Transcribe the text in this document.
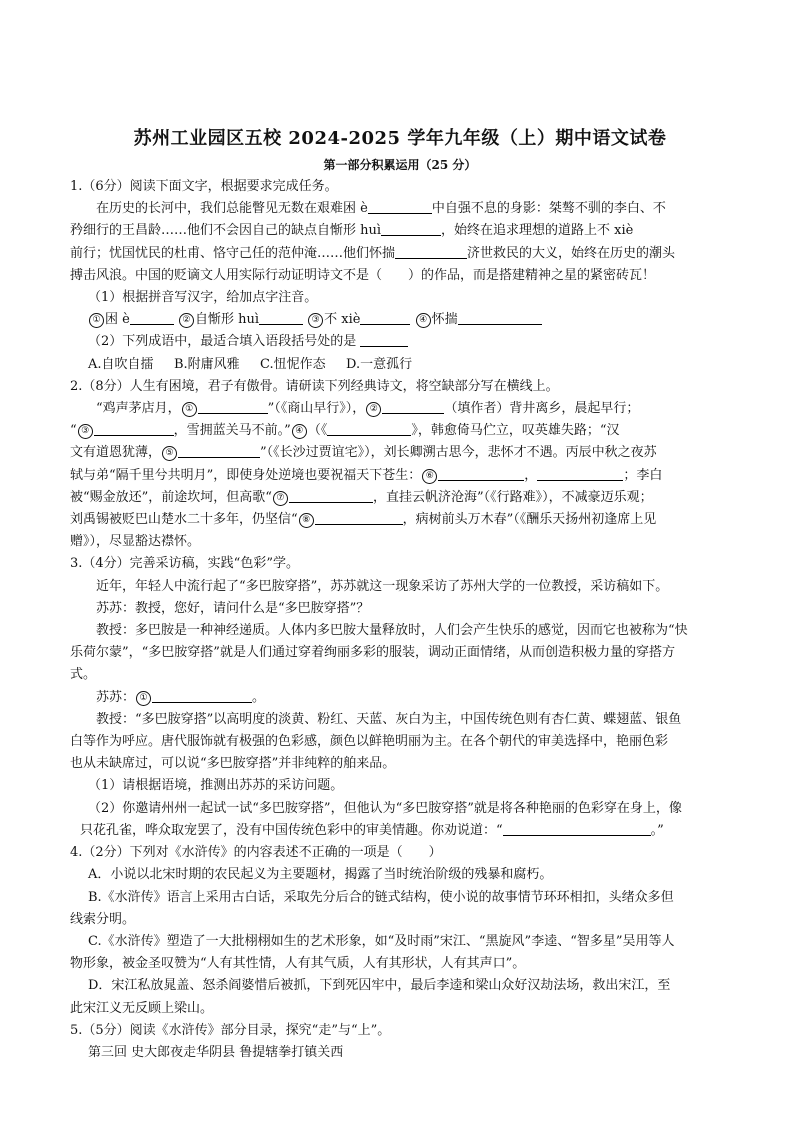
苏州工业园区五校 2024-2025 学年九年级（上）期中语文试卷
第一部分积累运用（25 分）
1.（6分）阅读下面文字，根据要求完成任务。
在历史的长河中，我们总能瞥见无数在艰难困 è	中自强不息的身影：桀骜不驯的李白、不
矜细行的王昌龄……他们不会因自己的缺点自惭形 huì	，始终在追求理想的道路上不 xiè
前行；忧国忧民的杜甫、恪守己任的范仲淹……他们怀揣	济世救民的大义，始终在历史的潮头
搏击风浪。中国的贬谪文人用实际行动证明诗文不是（ ）的作品，而是搭建精神之星的紧密砖瓦！
（1）根据拼音写汉字，给加点字注音。
① 困 è	② 自惭形 huì	③ 不 xiè	④ 怀揣
（2）下列成语中，最适合填入语段括号处的是
A.自吹自擂 B.附庸风雅 C.忸怩作态 D.一意孤行
2.（8分）人生有困境，君子有傲骨。请研读下列经典诗文，将空缺部分写在横线上。
“鸡声茅店月， ①	”（《商山早行》）， ②	（填作者）背井离乡，晨起早行；
“ ③	，雪拥蓝关马不前。” ④ （《	》，韩愈倚马伫立，叹英雄失路；“汉
文有道恩犹薄， ⑤	”（《长沙过贾谊宅》），刘长卿溯古思今，悲怀才不遇。丙辰中秋之夜苏
轼与弟“隔千里兮共明月”，即使身处逆境也要祝福天下苍生： ⑥	，	；李白
被“赐金放还”，前途坎坷，但高歌“ ⑦	，直挂云帆济沧海”（《行路难》），不减豪迈乐观；
刘禹锡被贬巴山楚水二十多年，仍坚信“ ⑧	，病树前头万木春”（《酬乐天扬州初逢席上见
赠》），尽显豁达襟怀。
3.（4分）完善采访稿，实践“色彩”学。
近年，年轻人中流行起了“多巴胺穿搭”，苏苏就这一现象采访了苏州大学的一位教授，采访稿如下。
苏苏：教授，您好，请问什么是“多巴胺穿搭”？
教授：多巴胺是一种神经递质。人体内多巴胺大量释放时，人们会产生快乐的感觉，因而它也被称为“快
乐荷尔蒙”，“多巴胺穿搭”就是人们通过穿着绚丽多彩的服装，调动正面情绪，从而创造积极力量的穿搭方
式。
苏苏： ①	。
教授：“多巴胺穿搭”以高明度的淡黄、粉红、天蓝、灰白为主，中国传统色则有杏仁黄、蝶翅蓝、银鱼
白等作为呼应。唐代服饰就有极强的色彩感，颜色以鲜艳明丽为主。在各个朝代的审美选择中，艳丽色彩
也从未缺席过，可以说“多巴胺穿搭”并非纯粹的舶来品。
（1）请根据语境，推测出苏苏的采访问题。
（2）你邀请州州一起试一试“多巴胺穿搭”，但他认为“多巴胺穿搭”就是将各种艳丽的色彩穿在身上，像
只花孔雀，哗众取宠罢了，没有中国传统色彩中的审美情趣。你劝说道：“	。”
4.（2分）下列对《水浒传》的内容表述不正确的一项是（　　）
A．小说以北宋时期的农民起义为主要题材，揭露了当时统治阶级的残暴和腐朽。
B.《水浒传》语言上采用古白话，采取先分后合的链式结构，使小说的故事情节环环相扣，头绪众多但
线索分明。
C.《水浒传》塑造了一大批栩栩如生的艺术形象，如“及时雨”宋江、“黑旋风”李逵、“智多星”吴用等人
物形象，被金圣叹赞为“人有其性情，人有其气质，人有其形状，人有其声口”。
D．宋江私放晁盖、怒杀阎婆惜后被抓，下到死囚牢中，最后李逵和梁山众好汉劫法场，救出宋江，至
此宋江义无反顾上梁山。
5.（5分）阅读《水浒传》部分目录，探究“走”与“上”。
第三回 史大郎夜走华阴县 鲁提辖拳打镇关西
